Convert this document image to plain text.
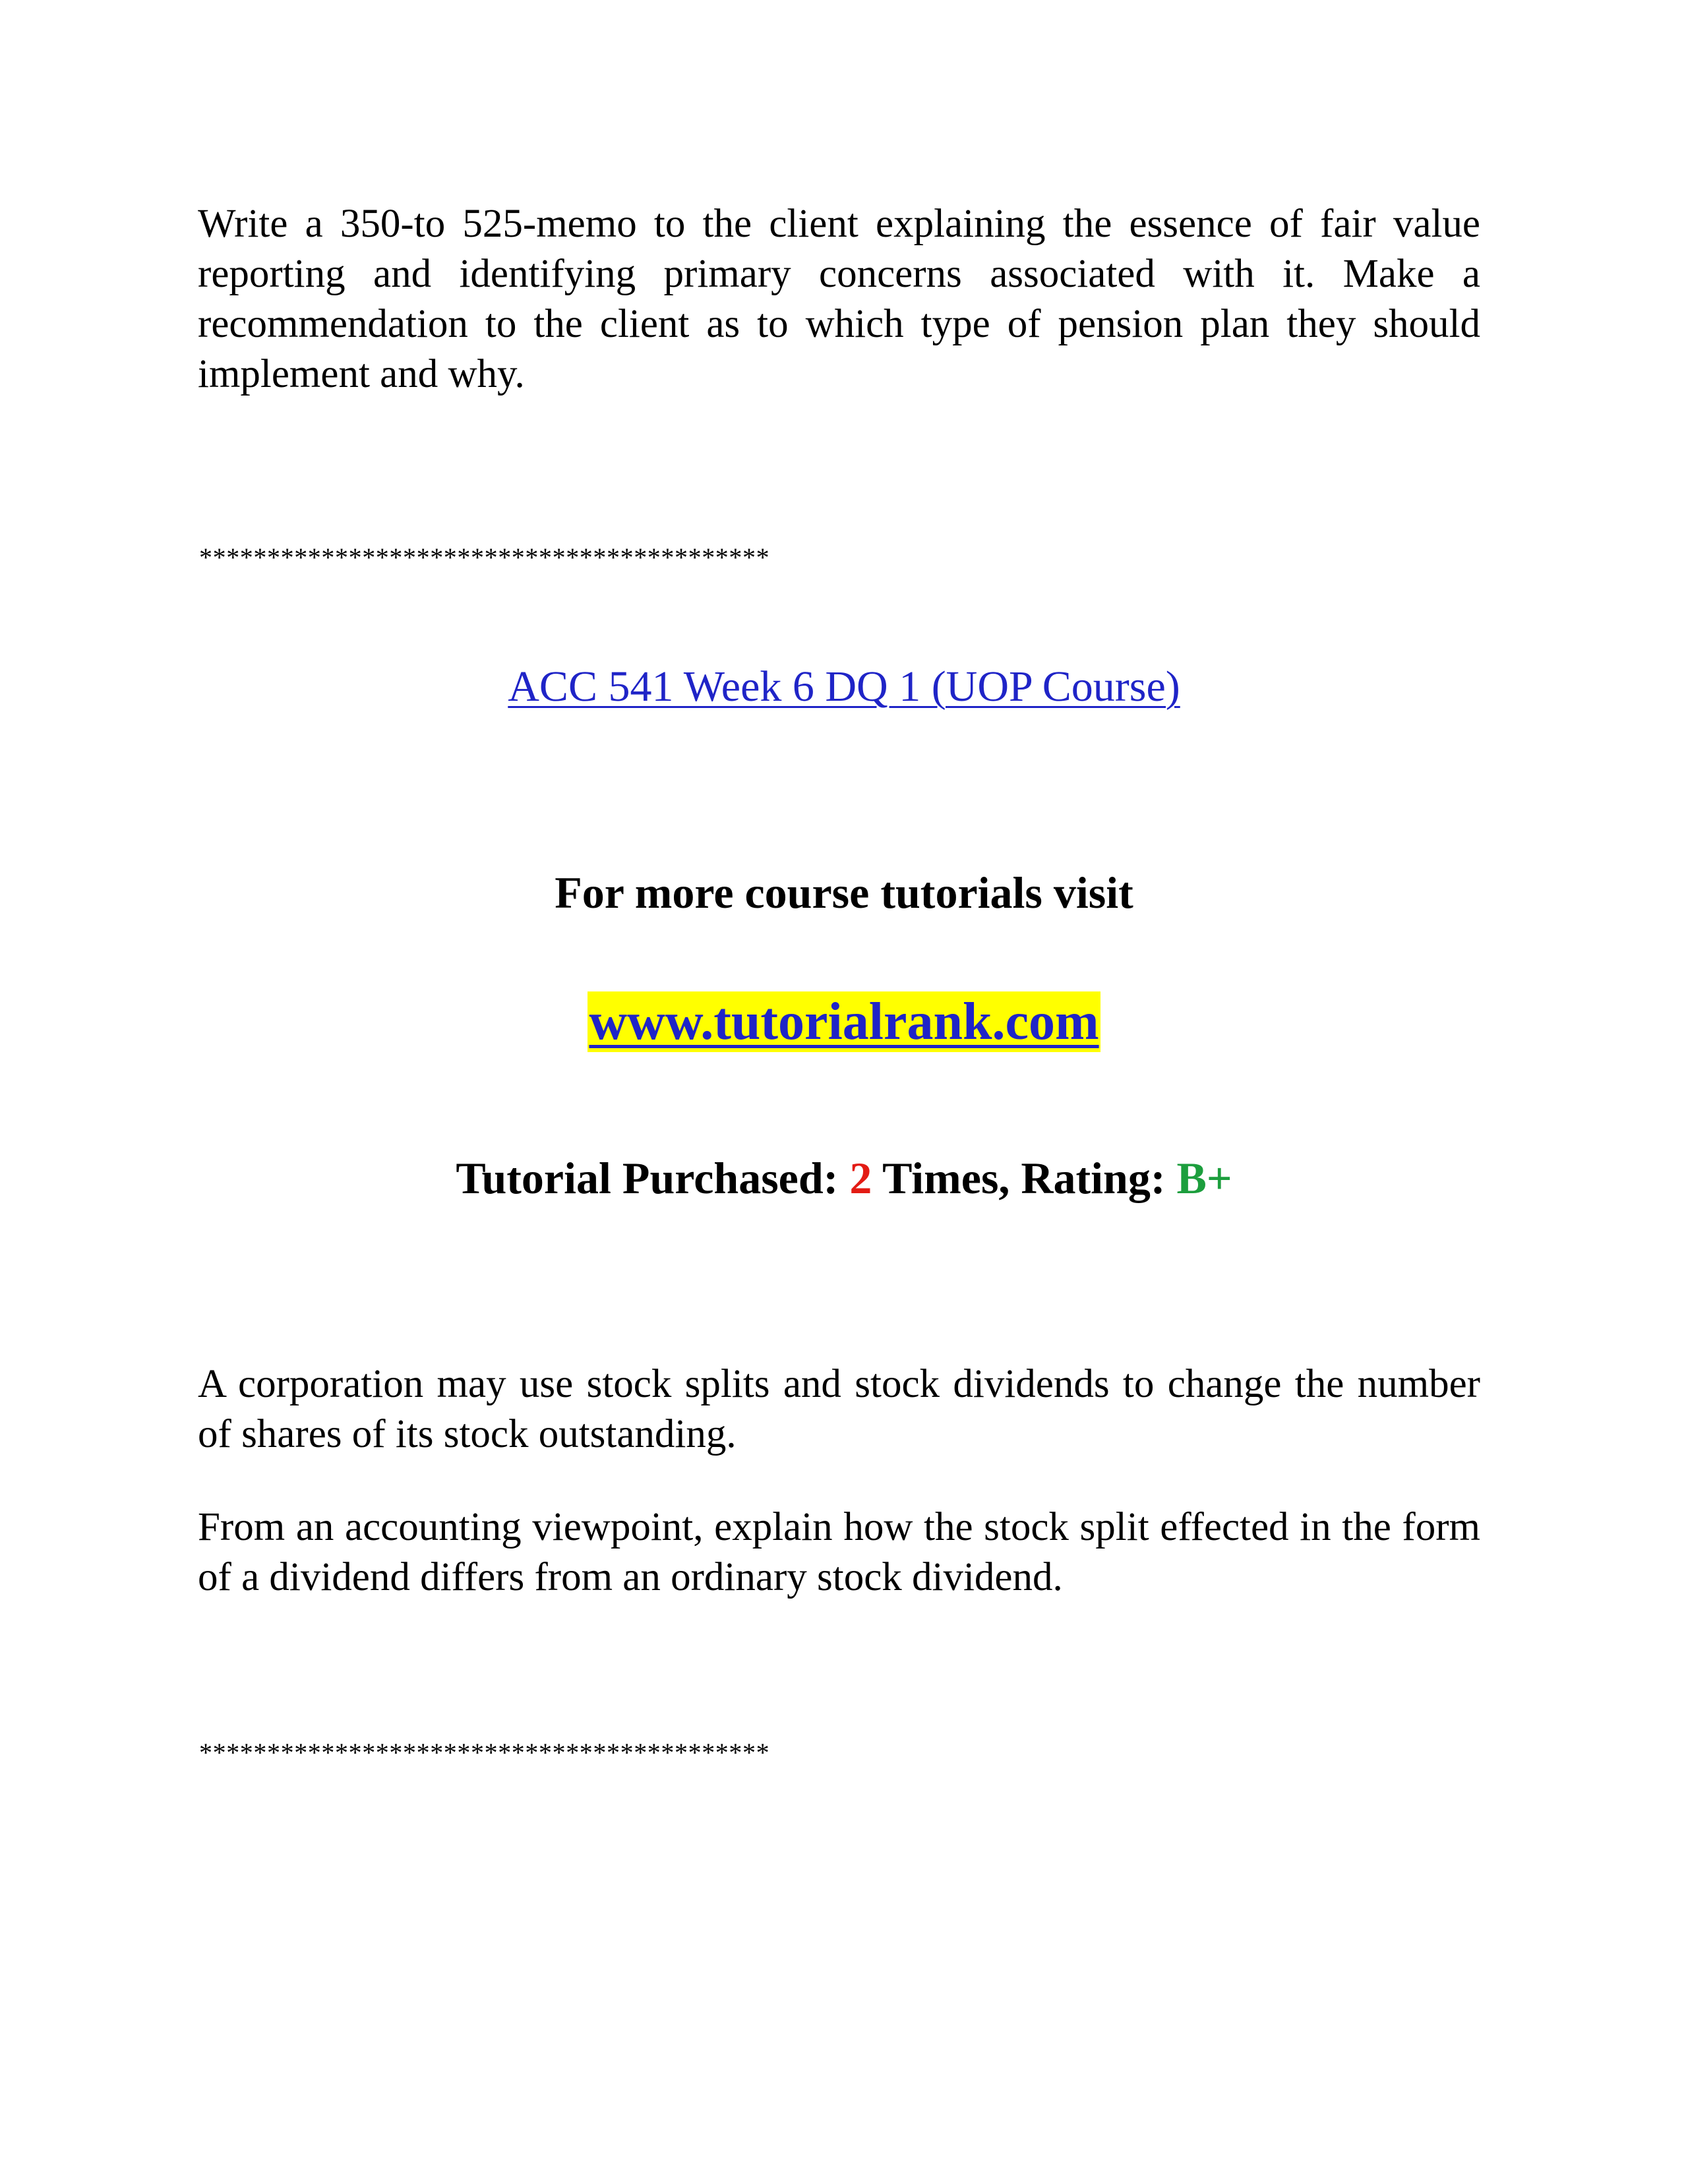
Write a 350-to 525-memo to the client explaining the essence of fair value reporting and identifying primary concerns associated with it. Make a recommendation to the client as to which type of pension plan they should implement and why.

******************************************

ACC 541 Week 6 DQ 1 (UOP Course)

For more course tutorials visit

www.tutorialrank.com

Tutorial Purchased: 2 Times, Rating: B+

A corporation may use stock splits and stock dividends to change the number of shares of its stock outstanding.

From an accounting viewpoint, explain how the stock split effected in the form of a dividend differs from an ordinary stock dividend.

******************************************
